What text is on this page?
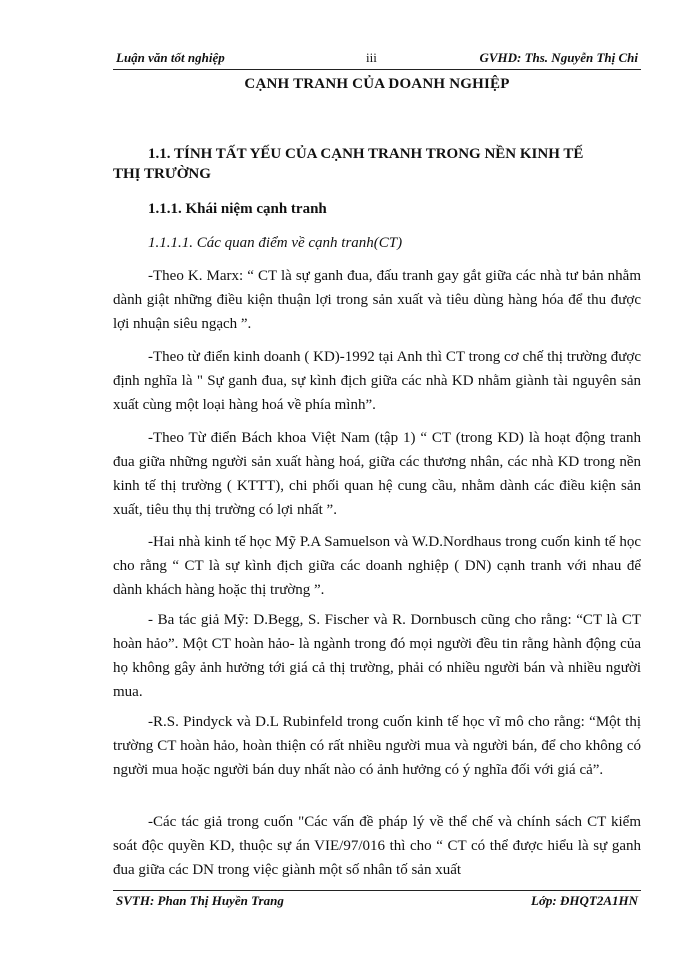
Luận văn tốt nghiệp	iii	GVHD: Ths. Nguyễn Thị Chi
CẠNH TRANH CỦA DOANH NGHIỆP
1.1. TÍNH TẤT YẾU CỦA CẠNH TRANH TRONG NỀN KINH TẾ
THỊ TRƯỜNG
1.1.1. Khái niệm cạnh tranh
1.1.1.1. Các quan điểm về cạnh tranh(CT)
-Theo K. Marx: “ CT là sự ganh đua, đấu tranh gay gắt giữa các nhà tư bản nhằm dành giật những điều kiện thuận lợi trong sản xuất và tiêu dùng hàng hóa để thu được lợi nhuận siêu ngạch ”.
-Theo từ điển kinh doanh ( KD)-1992 tại Anh thì CT trong cơ chế thị trường được định nghĩa là " Sự ganh đua, sự kình địch giữa các nhà KD nhằm giành tài nguyên sản xuất cùng một loại hàng hoá về phía mình”.
-Theo Từ điển Bách khoa Việt Nam (tập 1) “ CT (trong KD) là hoạt động tranh đua giữa những người sản xuất hàng hoá, giữa các thương nhân, các nhà KD trong nền kinh tế thị trường ( KTTT), chi phối quan hệ cung cầu, nhằm dành các điều kiện sản xuất, tiêu thụ thị trường có lợi nhất ”.
-Hai nhà kinh tế học Mỹ P.A Samuelson và W.D.Nordhaus trong cuốn kinh tế học cho rằng “ CT là sự kình địch giữa các doanh nghiệp ( DN) cạnh tranh với nhau để dành khách hàng hoặc thị trường ”.
- Ba tác giả Mỹ: D.Begg, S. Fischer và R. Dornbusch cũng cho rằng: “CT là CT hoàn hảo”. Một CT hoàn hảo- là ngành trong đó mọi người đều tin rằng hành động của họ không gây ảnh hưởng tới giá cả thị trường, phải có nhiều người bán và nhiều người mua.
-R.S. Pindyck và D.L Rubinfeld trong cuốn kinh tế học vĩ mô cho rằng: “Một thị trường CT hoàn hảo, hoàn thiện có rất nhiều người mua và người bán, để cho không có người mua hoặc người bán duy nhất nào có ảnh hưởng có ý nghĩa đối với giá cả”.
-Các tác giả trong cuốn "Các vấn đề pháp lý về thể chế và chính sách CT kiểm soát độc quyền KD, thuộc sự án VIE/97/016 thì cho “ CT có thể được hiểu là sự ganh đua giữa các DN trong việc giành một số nhân tố sản xuất
SVTH: Phan Thị Huyền Trang	Lớp: ĐHQT2A1HN
